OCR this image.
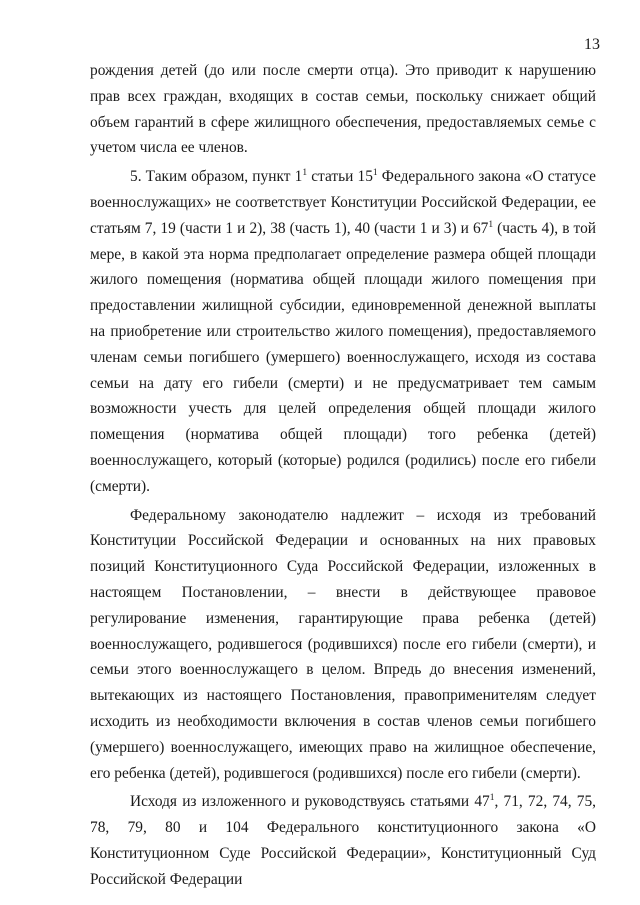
13

рождения детей (до или после смерти отца). Это приводит к нарушению прав всех граждан, входящих в состав семьи, поскольку снижает общий объем гарантий в сфере жилищного обеспечения, предоставляемых семье с учетом числа ее членов.

5. Таким образом, пункт $1^1$ статьи $15^1$ Федерального закона «О статусе военнослужащих» не соответствует Конституции Российской Федерации, ее статьям 7, 19 (части 1 и 2), 38 (часть 1), 40 (части 1 и 3) и $67^1$ (часть 4), в той мере, в какой эта норма предполагает определение размера общей площади жилого помещения (норматива общей площади жилого помещения при предоставлении жилищной субсидии, единовременной денежной выплаты на приобретение или строительство жилого помещения), предоставляемого членам семьи погибшего (умершего) военнослужащего, исходя из состава семьи на дату его гибели (смерти) и не предусматривает тем самым возможности учесть для целей определения общей площади жилого помещения (норматива общей площади) того ребенка (детей) военнослужащего, который (которые) родился (родились) после его гибели (смерти).

Федеральному законодателю надлежит – исходя из требований Конституции Российской Федерации и основанных на них правовых позиций Конституционного Суда Российской Федерации, изложенных в настоящем Постановлении, – внести в действующее правовое регулирование изменения, гарантирующие права ребенка (детей) военнослужащего, родившегося (родившихся) после его гибели (смерти), и семьи этого военнослужащего в целом. Впредь до внесения изменений, вытекающих из настоящего Постановления, правоприменителям следует исходить из необходимости включения в состав членов семьи погибшего (умершего) военнослужащего, имеющих право на жилищное обеспечение, его ребенка (детей), родившегося (родившихся) после его гибели (смерти).

Исходя из изложенного и руководствуясь статьями $47^1$, 71, 72, 74, 75, 78, 79, 80 и 104 Федерального конституционного закона «О Конституционном Суде Российской Федерации», Конституционный Суд Российской Федерации
